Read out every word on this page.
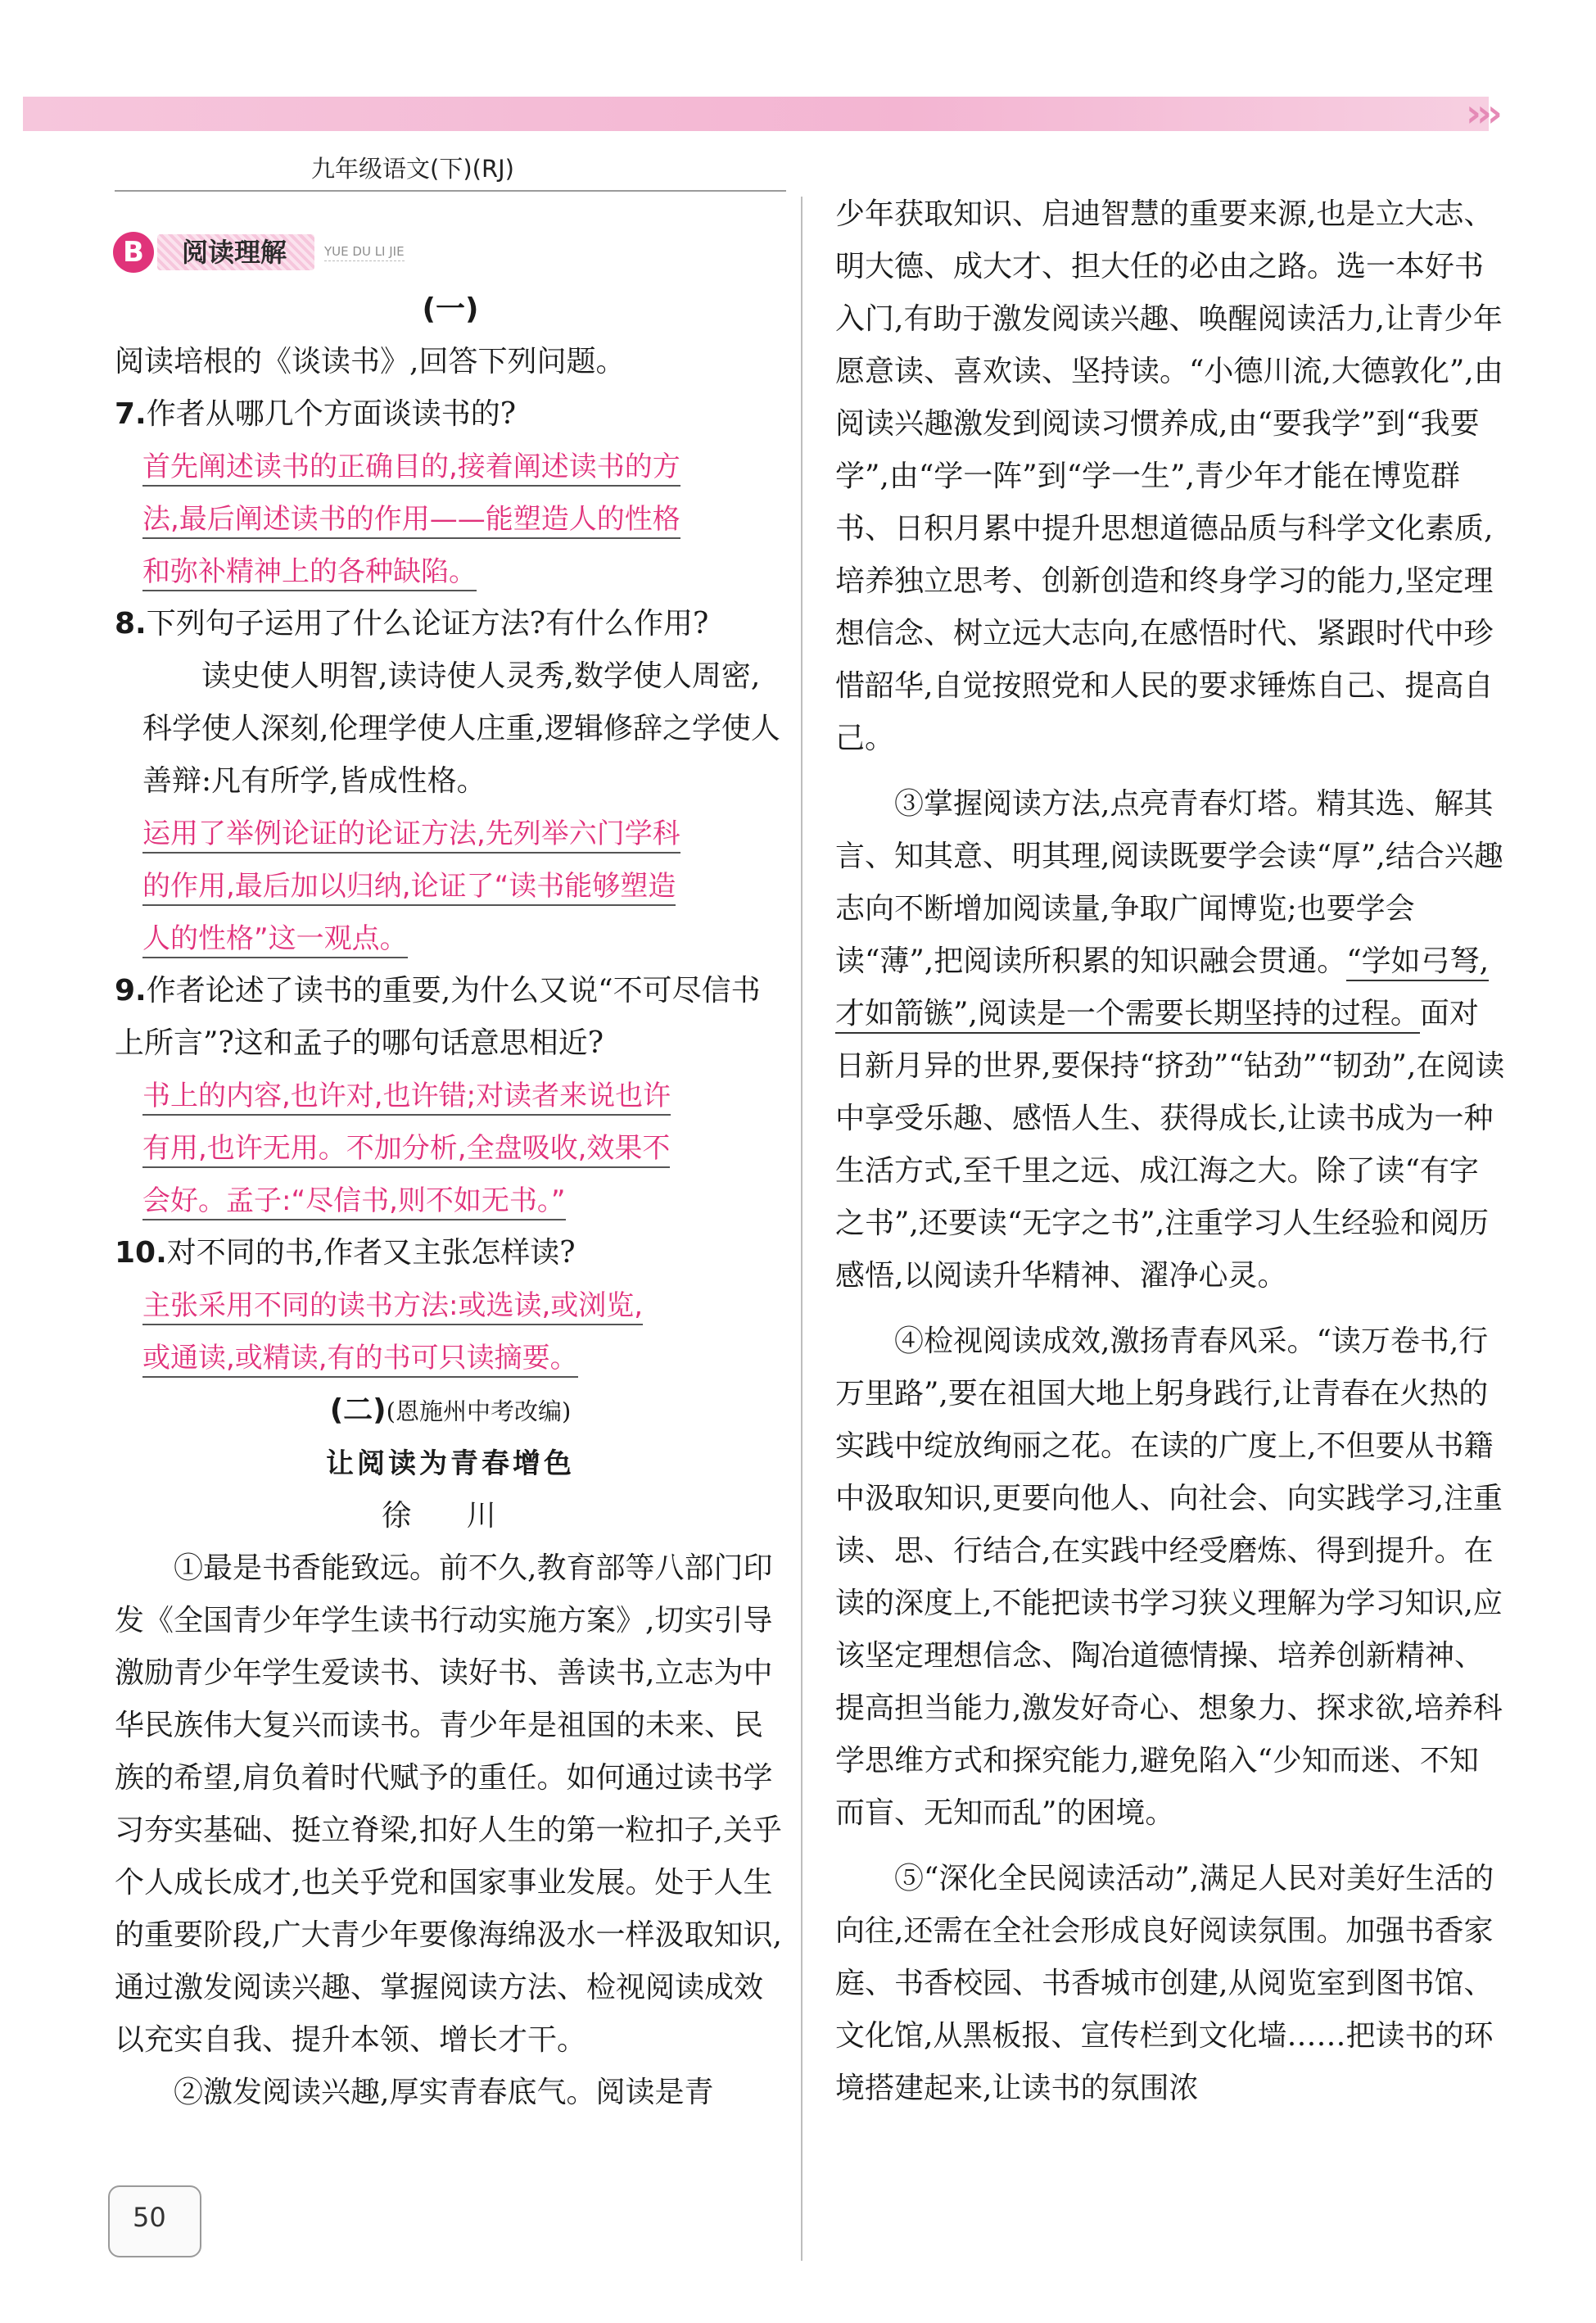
›››
九年级语文(下)(RJ)
B	阅读理解	YUE DU LI JIE

(一)

阅读培根的《谈读书》,回答下列问题。

7.作者从哪几个方面谈读书的?

首先阐述读书的正确目的,接着阐述读书的方
法,最后阐述读书的作用——能塑造人的性格
和弥补精神上的各种缺陷。

8.下列句子运用了什么论证方法?有什么作用?

读史使人明智,读诗使人灵秀,数学使人周密,科学使人深刻,伦理学使人庄重,逻辑修辞之学使人善辩:凡有所学,皆成性格。

运用了举例论证的论证方法,先列举六门学科
的作用,最后加以归纳,论证了“读书能够塑造
人的性格”这一观点。

9.作者论述了读书的重要,为什么又说“不可尽信书上所言”?这和孟子的哪句话意思相近?

书上的内容,也许对,也许错;对读者来说也许
有用,也许无用。不加分析,全盘吸收,效果不
会好。孟子:“尽信书,则不如无书。”

10.对不同的书,作者又主张怎样读?

主张采用不同的读书方法:或选读,或浏览,
或通读,或精读,有的书可只读摘要。

(二)(恩施州中考改编)

让阅读为青春增色

徐 川

①最是书香能致远。前不久,教育部等八部门印发《全国青少年学生读书行动实施方案》,切实引导激励青少年学生爱读书、读好书、善读书,立志为中华民族伟大复兴而读书。青少年是祖国的未来、民族的希望,肩负着时代赋予的重任。如何通过读书学习夯实基础、挺立脊梁,扣好人生的第一粒扣子,关乎个人成长成才,也关乎党和国家事业发展。处于人生的重要阶段,广大青少年要像海绵汲水一样汲取知识,通过激发阅读兴趣、掌握阅读方法、检视阅读成效以充实自我、提升本领、增长才干。

②激发阅读兴趣,厚实青春底气。阅读是青

少年获取知识、启迪智慧的重要来源,也是立大志、明大德、成大才、担大任的必由之路。选一本好书入门,有助于激发阅读兴趣、唤醒阅读活力,让青少年愿意读、喜欢读、坚持读。“小德川流,大德敦化”,由阅读兴趣激发到阅读习惯养成,由“要我学”到“我要学”,由“学一阵”到“学一生”,青少年才能在博览群书、日积月累中提升思想道德品质与科学文化素质,培养独立思考、创新创造和终身学习的能力,坚定理想信念、树立远大志向,在感悟时代、紧跟时代中珍惜韶华,自觉按照党和人民的要求锤炼自己、提高自己。

③掌握阅读方法,点亮青春灯塔。精其选、解其言、知其意、明其理,阅读既要学会读“厚”,结合兴趣志向不断增加阅读量,争取广闻博览;也要学会读“薄”,把阅读所积累的知识融会贯通。“学如弓弩,才如箭镞”,阅读是一个需要长期坚持的过程。面对日新月异的世界,要保持“挤劲”“钻劲”“韧劲”,在阅读中享受乐趣、感悟人生、获得成长,让读书成为一种生活方式,至千里之远、成江海之大。除了读“有字之书”,还要读“无字之书”,注重学习人生经验和阅历感悟,以阅读升华精神、濯净心灵。

④检视阅读成效,激扬青春风采。“读万卷书,行万里路”,要在祖国大地上躬身践行,让青春在火热的实践中绽放绚丽之花。在读的广度上,不但要从书籍中汲取知识,更要向他人、向社会、向实践学习,注重读、思、行结合,在实践中经受磨炼、得到提升。在读的深度上,不能把读书学习狭义理解为学习知识,应该坚定理想信念、陶冶道德情操、培养创新精神、提高担当能力,激发好奇心、想象力、探求欲,培养科学思维方式和探究能力,避免陷入“少知而迷、不知而盲、无知而乱”的困境。

⑤“深化全民阅读活动”,满足人民对美好生活的向往,还需在全社会形成良好阅读氛围。加强书香家庭、书香校园、书香城市创建,从阅览室到图书馆、文化馆,从黑板报、宣传栏到文化墙……把读书的环境搭建起来,让读书的氛围浓

50
